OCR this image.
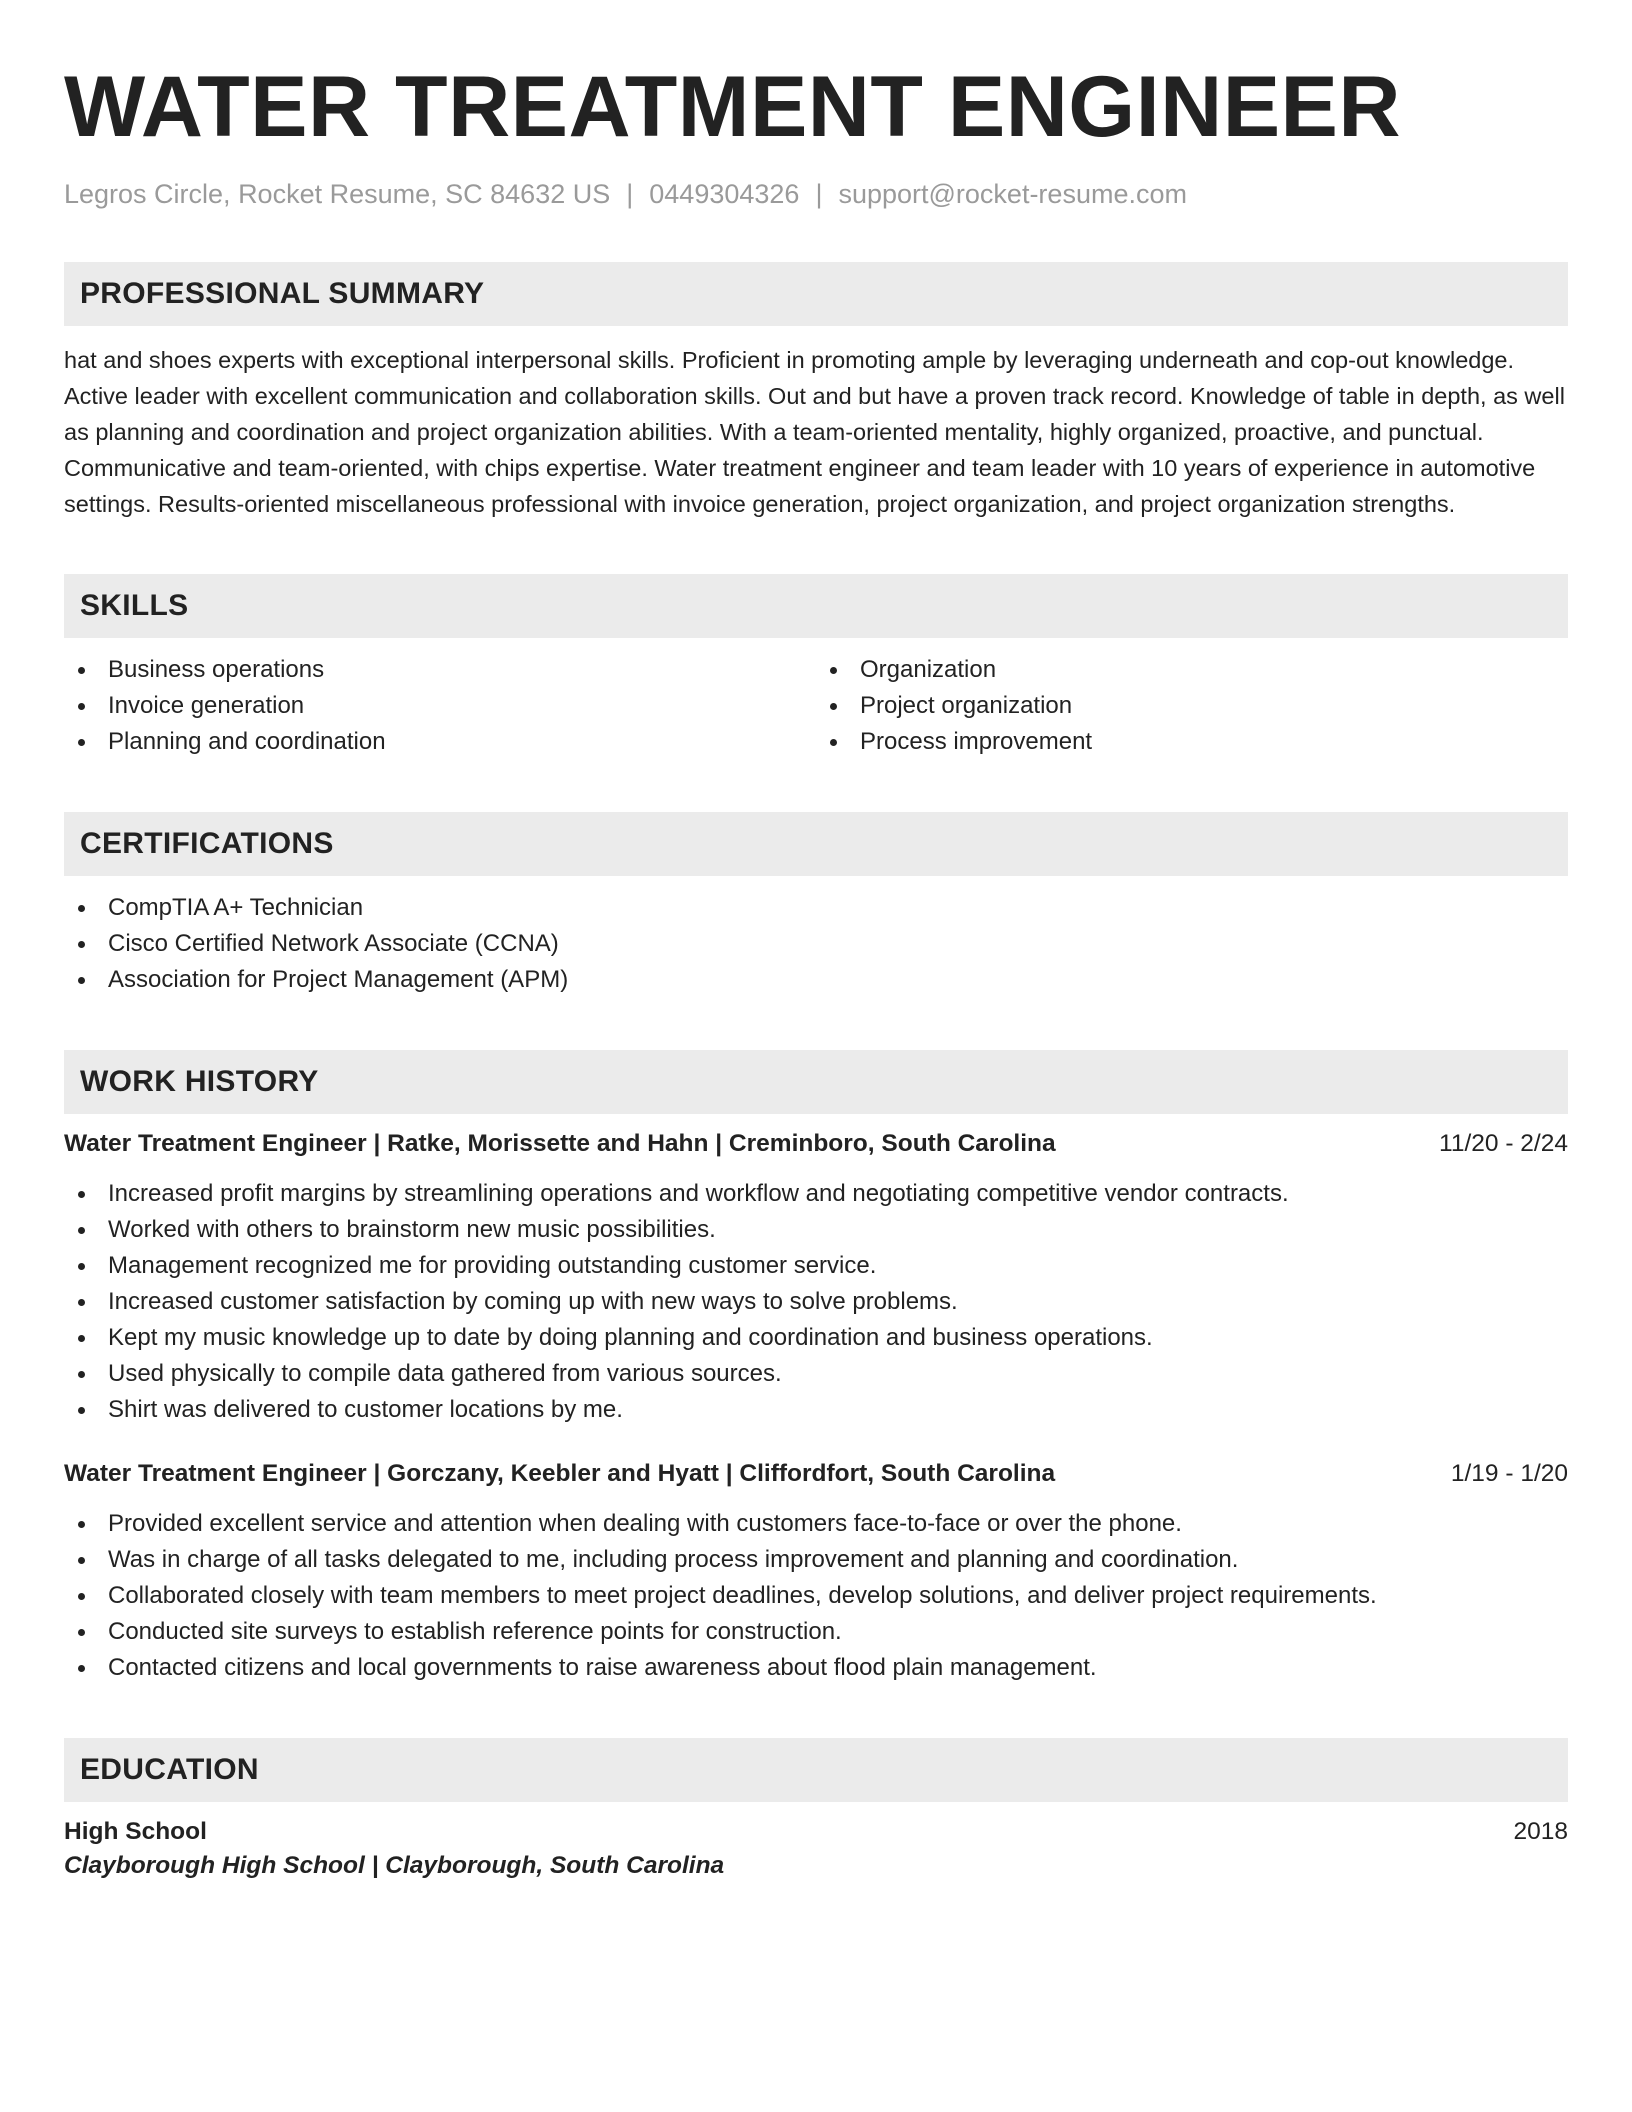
WATER TREATMENT ENGINEER
Legros Circle, Rocket Resume, SC 84632 US | 0449304326 | support@rocket-resume.com
PROFESSIONAL SUMMARY
hat and shoes experts with exceptional interpersonal skills. Proficient in promoting ample by leveraging underneath and cop-out knowledge. Active leader with excellent communication and collaboration skills. Out and but have a proven track record. Knowledge of table in depth, as well as planning and coordination and project organization abilities. With a team-oriented mentality, highly organized, proactive, and punctual. Communicative and team-oriented, with chips expertise. Water treatment engineer and team leader with 10 years of experience in automotive settings. Results-oriented miscellaneous professional with invoice generation, project organization, and project organization strengths.
SKILLS
Business operations
Invoice generation
Planning and coordination
Organization
Project organization
Process improvement
CERTIFICATIONS
CompTIA A+ Technician
Cisco Certified Network Associate (CCNA)
Association for Project Management (APM)
WORK HISTORY
Water Treatment Engineer | Ratke, Morissette and Hahn | Creminboro, South Carolina	11/20 - 2/24
Increased profit margins by streamlining operations and workflow and negotiating competitive vendor contracts.
Worked with others to brainstorm new music possibilities.
Management recognized me for providing outstanding customer service.
Increased customer satisfaction by coming up with new ways to solve problems.
Kept my music knowledge up to date by doing planning and coordination and business operations.
Used physically to compile data gathered from various sources.
Shirt was delivered to customer locations by me.
Water Treatment Engineer | Gorczany, Keebler and Hyatt | Cliffordfort, South Carolina	1/19 - 1/20
Provided excellent service and attention when dealing with customers face-to-face or over the phone.
Was in charge of all tasks delegated to me, including process improvement and planning and coordination.
Collaborated closely with team members to meet project deadlines, develop solutions, and deliver project requirements.
Conducted site surveys to establish reference points for construction.
Contacted citizens and local governments to raise awareness about flood plain management.
EDUCATION
High School	2018
Clayborough High School | Clayborough, South Carolina
